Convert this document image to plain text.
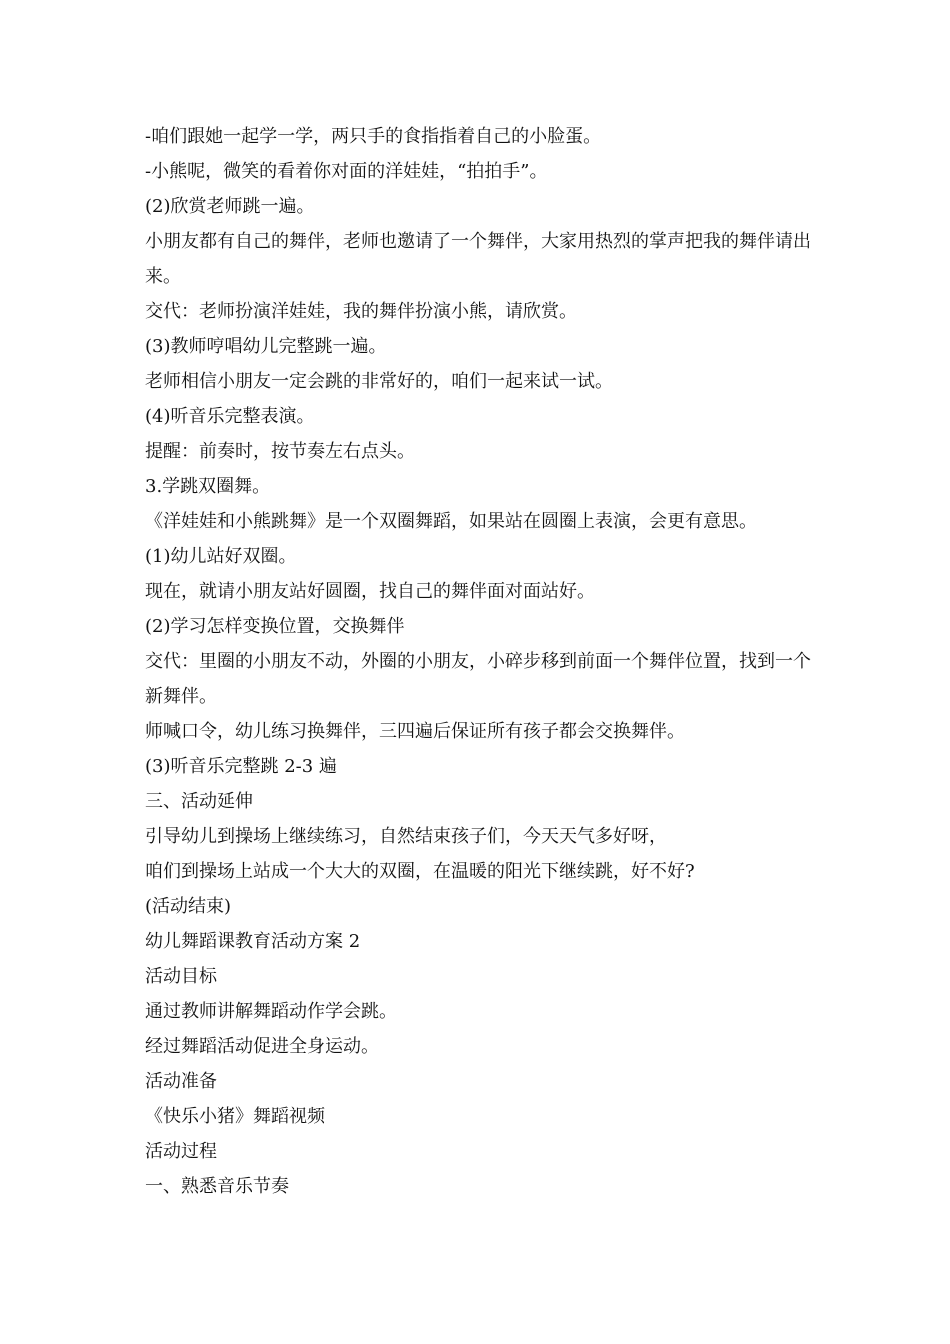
-咱们跟她一起学一学，两只手的食指指着自己的小脸蛋。

-小熊呢，微笑的看着你对面的洋娃娃，“拍拍手”。

(2)欣赏老师跳一遍。

小朋友都有自己的舞伴，老师也邀请了一个舞伴，大家用热烈的掌声把我的舞伴请出来。

交代：老师扮演洋娃娃，我的舞伴扮演小熊，请欣赏。

(3)教师哼唱幼儿完整跳一遍。

老师相信小朋友一定会跳的非常好的，咱们一起来试一试。

(4)听音乐完整表演。

提醒：前奏时，按节奏左右点头。

3.学跳双圈舞。

《洋娃娃和小熊跳舞》是一个双圈舞蹈，如果站在圆圈上表演，会更有意思。

(1)幼儿站好双圈。

现在，就请小朋友站好圆圈，找自己的舞伴面对面站好。

(2)学习怎样变换位置，交换舞伴

交代：里圈的小朋友不动，外圈的小朋友，小碎步移到前面一个舞伴位置，找到一个新舞伴。

师喊口令，幼儿练习换舞伴，三四遍后保证所有孩子都会交换舞伴。

(3)听音乐完整跳 2-3 遍

三、活动延伸

引导幼儿到操场上继续练习，自然结束孩子们，今天天气多好呀，

咱们到操场上站成一个大大的双圈，在温暖的阳光下继续跳，好不好?

(活动结束)

幼儿舞蹈课教育活动方案 2

活动目标

通过教师讲解舞蹈动作学会跳。

经过舞蹈活动促进全身运动。

活动准备

《快乐小猪》舞蹈视频

活动过程

一、熟悉音乐节奏
